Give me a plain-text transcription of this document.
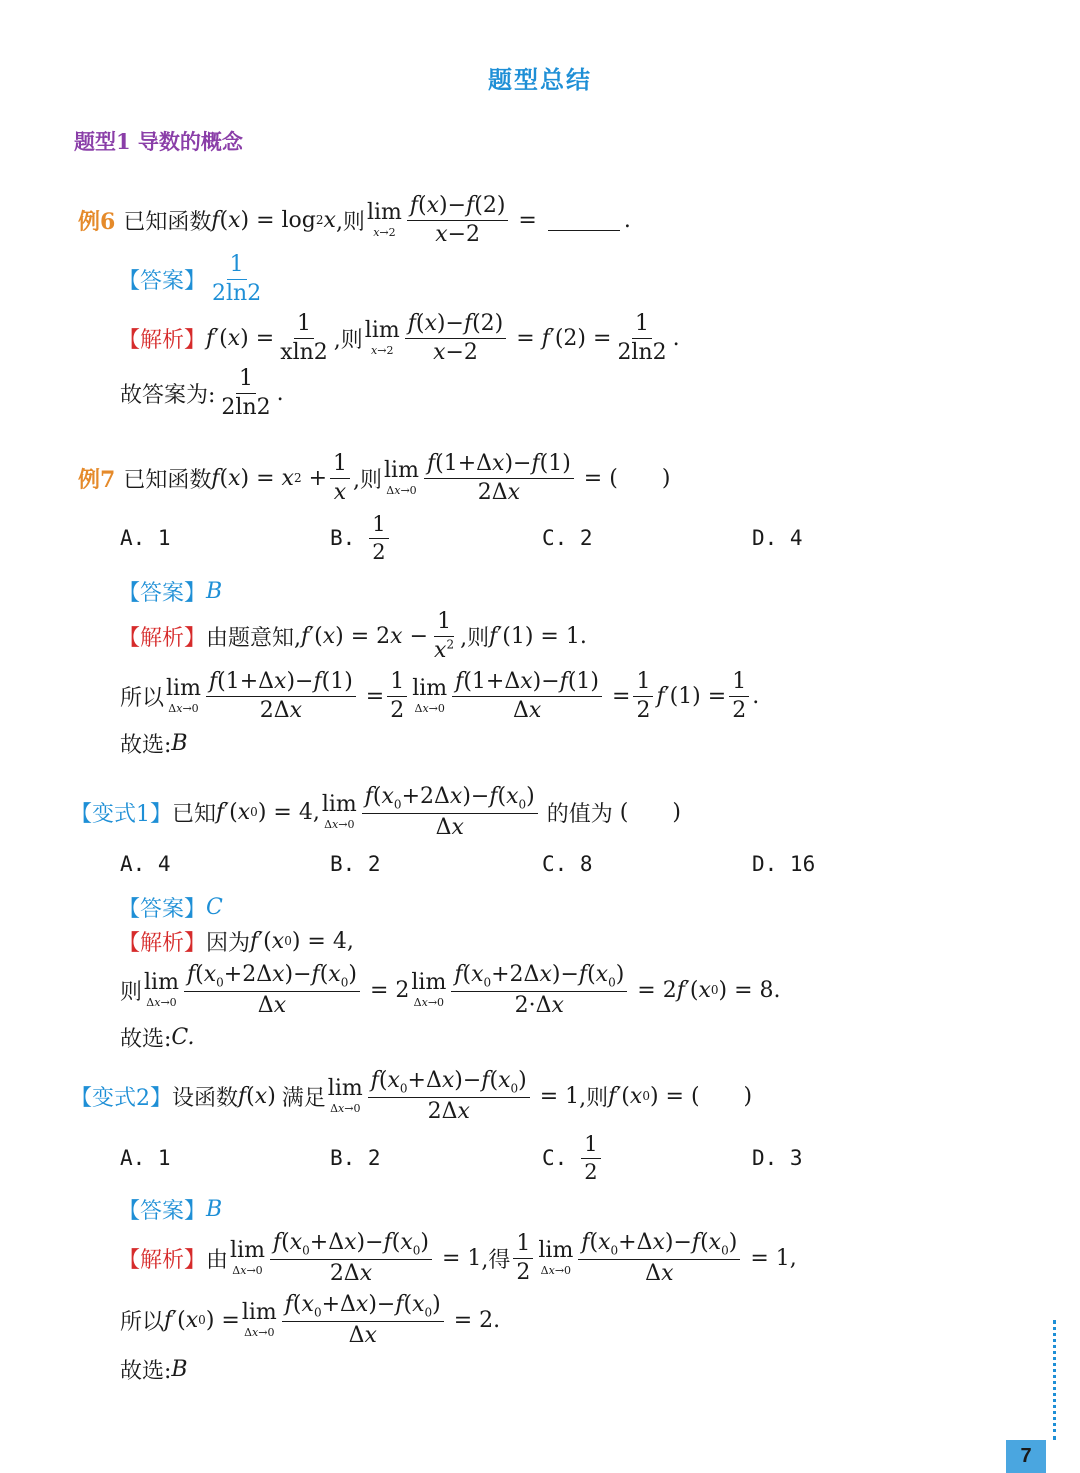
题型总结
题型1 导数的概念
例6 已知函数 f ( x ) = log 2 x ,则 lim
$x\to 2 \frac{f(x)-f(2)}{x-2}$ =	.
【答案】 $\frac{1}{2\ln 2}$
【解析】 f ′( x ) = $\frac{1}{xln2}$ ,则 lim
$x\to 2 \frac{f(x)-f(2)}{x-2} = f$ $'(2) = \frac{1}{2\ln 2}$ .
故答案为: $\frac{1}{2\ln 2}$ .
例7 已知函数 f ( x ) = x $2 + \frac{1}{x}$ ,则 lim
$\Delta x\to 0 \frac{f(1+\Delta x)-f(1)}{2\Delta x}$ = ( )
A. 1	B. $\frac{1}{2}$	C. 2	D. 4
【答案】 B
【解析】 由题意知, f ′( x ) = 2 $x - \frac{1}{x^2}$ ,则 f ′(1) = 1.
所以 lim
$\Delta x\to 0 \frac{f(1+\Delta x)-f(1)}{2\Delta x} = \frac{1}{2}$ lim
$\Delta x\to 0 \frac{f(1+\Delta x)-f(1)}{\Delta x} = \frac{1}{2}$ f $'(1) = \frac{1}{2}$ .
故选: B
【变式1】 已知 f ′( x 0 ) = 4, lim
$\Delta x\to 0 \frac{f(x_0+2\Delta x)-f(x_0)}{\Delta x}$ 的值为 ( )
A. 4	B. 2	C. 8	D. 16
【答案】 C
【解析】 因为 f ′( x 0 ) = 4,
则 lim
$\Delta x\to 0 \frac{f(x_0+2\Delta x)-f(x_0)}{\Delta x} = 2$ lim
$\Delta x\to 0 \frac{f(x_0+2\Delta x)-f(x_0)}{2\cdot\Delta x} = 2$ f ′( x 0 ) = 8.
故选: C.
【变式2】 设函数 f ( x ) 满足 lim
$\Delta x\to 0 \frac{f(x_0+\Delta x)-f(x_0)}{2\Delta x} = 1$ ,则 f ′( x 0 ) = ( )
A. 1	B. 2	C. $\frac{1}{2}$	D. 3
【答案】 B
【解析】 由 lim
$\Delta x\to 0 \frac{f(x_0+\Delta x)-f(x_0)}{2\Delta x} = 1$ ,得 $\frac{1}{2}$ lim
$\Delta x\to 0 \frac{f(x_0+\Delta x)-f(x_0)}{\Delta x} = 1$,
所以 f ′( x 0 ) = lim
$\Delta x\to 0 \frac{f(x_0+\Delta x)-f(x_0)}{\Delta x} = 2$.
故选: B
7
